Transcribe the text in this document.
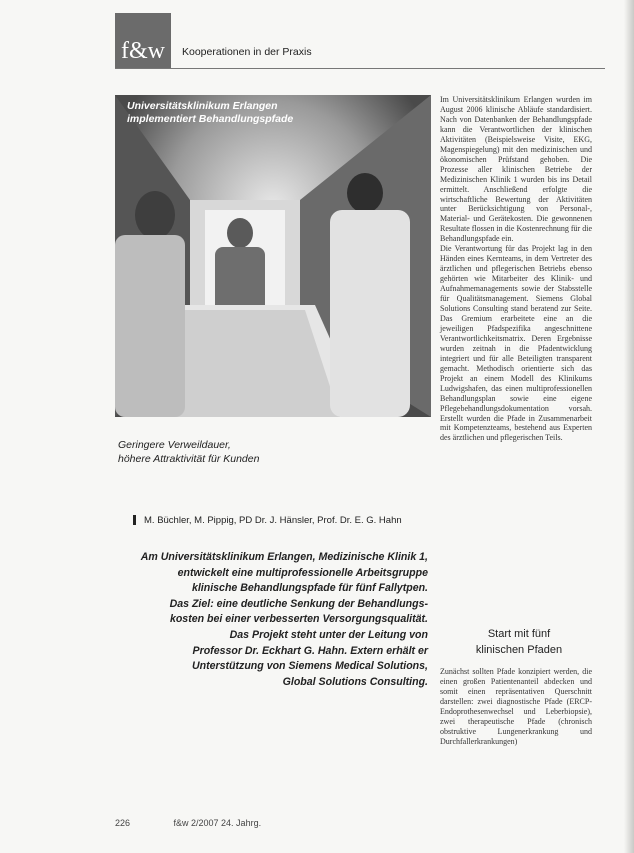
f&w Kooperationen in der Praxis
Universitätsklinikum Erlangen
implementiert Behandlungspfade
Geringere Verweildauer,
höhere Attraktivität für Kunden
M. Büchler, M. Pippig, PD Dr. J. Hänsler, Prof. Dr. E. G. Hahn
Am Universitätsklinikum Erlangen, Medizinische Klinik 1,
entwickelt eine multiprofessionelle Arbeitsgruppe
klinische Behandlungspfade für fünf Fallytpen.
Das Ziel: eine deutliche Senkung der Behandlungs-
kosten bei einer verbesserten Versorgungsqualität.
Das Projekt steht unter der Leitung von
Professor Dr. Eckhart G. Hahn. Extern erhält er
Unterstützung von Siemens Medical Solutions,
Global Solutions Consulting.

Im Universitätsklinikum Erlangen wurden im August 2006 klinische Abläufe standardisiert. Nach von Datenbanken der Behandlungspfade kann die Verantwortlichen der klinischen Aktivitäten (Beispielsweise Visite, EKG, Magenspiegelung) mit den medizinischen und ökonomischen Prüfstand gehoben. Die Prozesse aller klinischen Betriebe der Medizinischen Klinik 1 wurden bis ins Detail ermittelt. Anschließend erfolgte die wirtschaftliche Bewertung der Aktivitäten unter Berücksichtigung von Personal-, Material- und Gerätekosten. Die gewonnenen Resultate flossen in die Kostenrechnung für die Behandlungspfade ein.

Die Verantwortung für das Projekt lag in den Händen eines Kernteams, in dem Vertreter des ärztlichen und pflegerischen Betriebs ebenso gehörten wie Mitarbeiter des Klinik- und Aufnahmemanagements sowie der Stabsstelle für Qualitätsmanagement. Siemens Global Solutions Consulting stand beratend zur Seite. Das Gremium erarbeitete eine an die jeweiligen Pfadspezifika angeschnittene Verantwortlichkeitsmatrix. Deren Ergebnisse wurden zeitnah in die Pfadentwicklung integriert und für alle Beteiligten transparent gemacht. Methodisch orientierte sich das Projekt an einem Modell des Klinikums Ludwigshafen, das einen multiprofessionellen Behandlungsplan sowie eine eigene Pflegebehandlungsdokumentation vorsah. Erstellt wurden die Pfade in Zusammenarbeit mit Kompetenzteams, bestehend aus Experten des ärztlichen und pflegerischen Teils.

Start mit fünf
klinischen Pfaden

Zunächst sollten Pfade konzipiert werden, die einen großen Patientenanteil abdecken und somit einen repräsentativen Querschnitt darstellen: zwei diagnostische Pfade (ERCP-Endoprothesenwechsel und Leberbiopsie), zwei therapeutische Pfade (chronisch obstruktive Lungenerkrankung und Durchfallerkrankungen)

226	f&w 2/2007 24. Jahrg.
